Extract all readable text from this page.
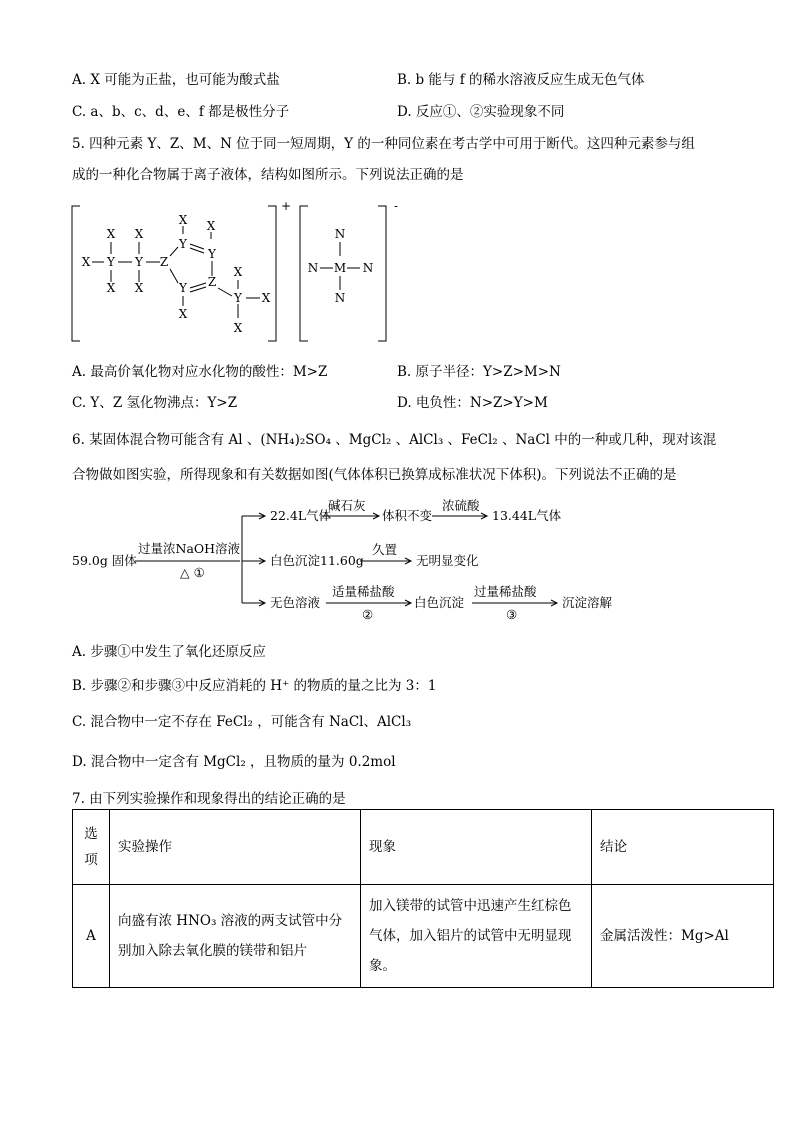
A. X 可能为正盐，也可能为酸式盐	B. b 能与 f 的稀水溶液反应生成无色气体
C. a、b、c、d、e、f 都是极性分子	D. 反应①、②实验现象不同
5. 四种元素 Y、Z、M、N 位于同一短周期，Y 的一种同位素在考古学中可用于断代。这四种元素参与组
成的一种化合物属于离子液体，结构如图所示。下列说法正确的是
+	-
X Y Y
X
X
X
X
Z
Y
Y
Z
Y
X X
X
Y
X
X
X
M
N
N
N	N
A. 最高价氧化物对应水化物的酸性：M>Z	B. 原子半径：Y>Z>M>N
C. Y、Z 氢化物沸点：Y>Z	D. 电负性：N>Z>Y>M
6. 某固体混合物可能含有 Al 、(NH₄)₂SO₄ 、MgCl₂ 、AlCl₃ 、FeCl₂ 、NaCl 中的一种或几种，现对该混
合物做如图实验，所得现象和有关数据如图(气体体积已换算成标准状况下体积)。下列说法不正确的是
59.0g 固体
过量浓NaOH溶液
△ ①
22.4L气体
碱石灰
体积不变
浓硫酸
13.44L气体
白色沉淀11.60g
久置
无明显变化
无色溶液
适量稀盐酸
②
白色沉淀
过量稀盐酸
③
沉淀溶解
A. 步骤①中发生了氧化还原反应
B. 步骤②和步骤③中反应消耗的 H⁺ 的物质的量之比为 3：1
C. 混合物中一定不存在 FeCl₂ ，可能含有 NaCl、AlCl₃
D. 混合物中一定含有 MgCl₂ ，且物质的量为 0.2mol
7. 由下列实验操作和现象得出的结论正确的是
选项	实验操作	现象	结论
A	向盛有浓 HNO₃ 溶液的两支试管中分别加入除去氧化膜的镁带和铝片	加入镁带的试管中迅速产生红棕色气体，加入铝片的试管中无明显现象。	金属活泼性：Mg>Al
